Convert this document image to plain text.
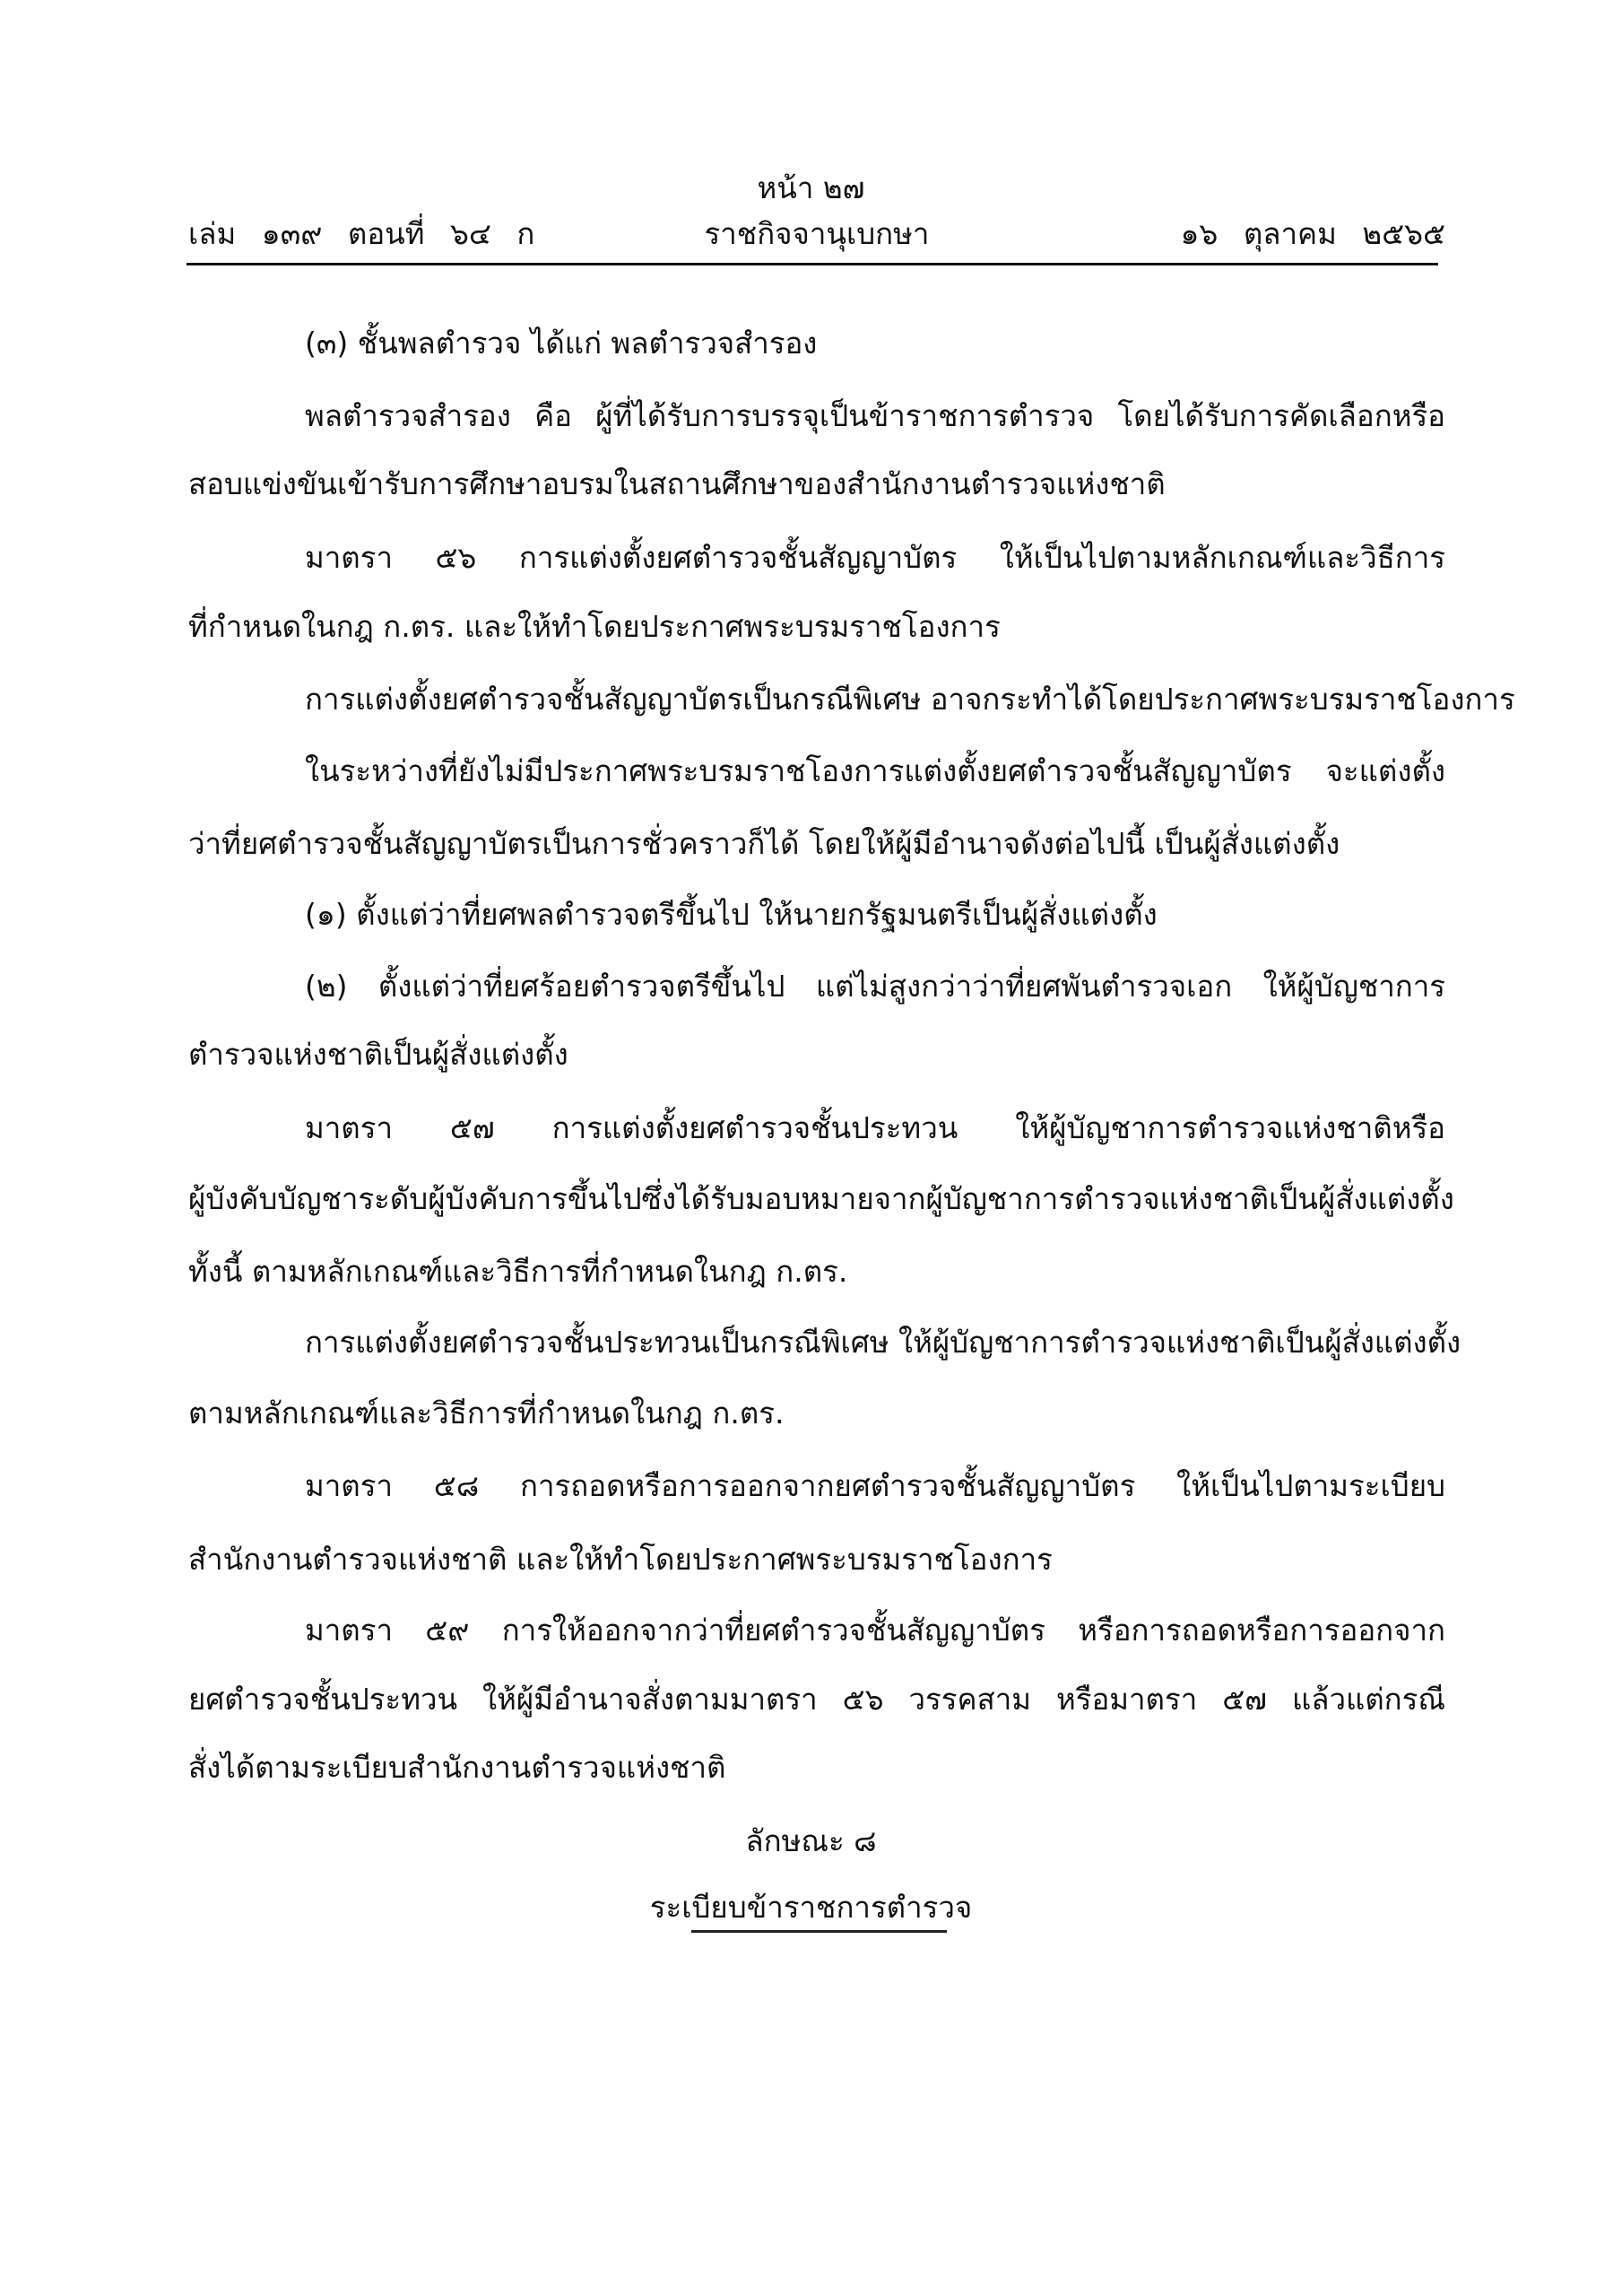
หน้า ๒๗
เล่ม ๑๓๙ ตอนที่ ๖๔ ก	ราชกิจจานุเบกษา	๑๖ ตุลาคม ๒๕๖๕
(๓) ชั้นพลตำรวจ ได้แก่ พลตำรวจสำรอง
พลตำรวจสำรอง คือ ผู้ที่ได้รับการบรรจุเป็นข้าราชการตำรวจ โดยได้รับการคัดเลือกหรือ
สอบแข่งขันเข้ารับการศึกษาอบรมในสถานศึกษาของสำนักงานตำรวจแห่งชาติ
มาตรา ๕๖ การแต่งตั้งยศตำรวจชั้นสัญญาบัตร ให้เป็นไปตามหลักเกณฑ์และวิธีการ
ที่กำหนดในกฎ ก.ตร. และให้ทำโดยประกาศพระบรมราชโองการ
การแต่งตั้งยศตำรวจชั้นสัญญาบัตรเป็นกรณีพิเศษ อาจกระทำได้โดยประกาศพระบรมราชโองการ
ในระหว่างที่ยังไม่มีประกาศพระบรมราชโองการแต่งตั้งยศตำรวจชั้นสัญญาบัตร จะแต่งตั้ง
ว่าที่ยศตำรวจชั้นสัญญาบัตรเป็นการชั่วคราวก็ได้ โดยให้ผู้มีอำนาจดังต่อไปนี้ เป็นผู้สั่งแต่งตั้ง
(๑) ตั้งแต่ว่าที่ยศพลตำรวจตรีขึ้นไป ให้นายกรัฐมนตรีเป็นผู้สั่งแต่งตั้ง
(๒) ตั้งแต่ว่าที่ยศร้อยตำรวจตรีขึ้นไป แต่ไม่สูงกว่าว่าที่ยศพันตำรวจเอก ให้ผู้บัญชาการ
ตำรวจแห่งชาติเป็นผู้สั่งแต่งตั้ง
มาตรา ๕๗ การแต่งตั้งยศตำรวจชั้นประทวน ให้ผู้บัญชาการตำรวจแห่งชาติหรือ
ผู้บังคับบัญชาระดับผู้บังคับการขึ้นไปซึ่งได้รับมอบหมายจากผู้บัญชาการตำรวจแห่งชาติเป็นผู้สั่งแต่งตั้ง
ทั้งนี้ ตามหลักเกณฑ์และวิธีการที่กำหนดในกฎ ก.ตร.
การแต่งตั้งยศตำรวจชั้นประทวนเป็นกรณีพิเศษ ให้ผู้บัญชาการตำรวจแห่งชาติเป็นผู้สั่งแต่งตั้ง
ตามหลักเกณฑ์และวิธีการที่กำหนดในกฎ ก.ตร.
มาตรา ๕๘ การถอดหรือการออกจากยศตำรวจชั้นสัญญาบัตร ให้เป็นไปตามระเบียบ
สำนักงานตำรวจแห่งชาติ และให้ทำโดยประกาศพระบรมราชโองการ
มาตรา ๕๙ การให้ออกจากว่าที่ยศตำรวจชั้นสัญญาบัตร หรือการถอดหรือการออกจาก
ยศตำรวจชั้นประทวน ให้ผู้มีอำนาจสั่งตามมาตรา ๕๖ วรรคสาม หรือมาตรา ๕๗ แล้วแต่กรณี
สั่งได้ตามระเบียบสำนักงานตำรวจแห่งชาติ
ลักษณะ ๘
ระเบียบข้าราชการตำรวจ
